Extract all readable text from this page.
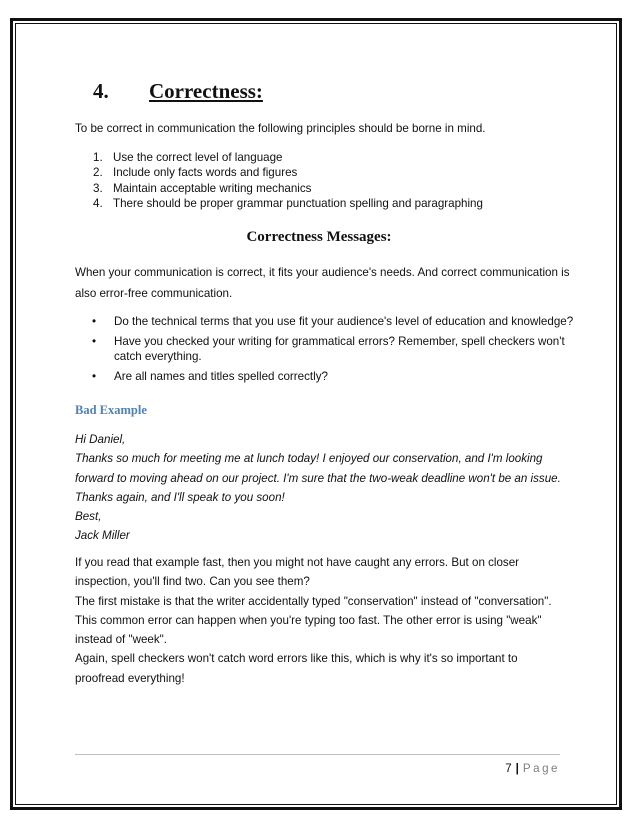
4. Correctness:

To be correct in communication the following principles should be borne in mind.

1. Use the correct level of language
2. Include only facts words and figures
3. Maintain acceptable writing mechanics
4. There should be proper grammar punctuation spelling and paragraphing
Correctness Messages:

When your communication is correct, it fits your audience's needs. And correct communication is also error-free communication.

• Do the technical terms that you use fit your audience's level of education and knowledge?
• Have you checked your writing for grammatical errors? Remember, spell checkers won't catch everything.
• Are all names and titles spelled correctly?

Bad Example

Hi Daniel,

Thanks so much for meeting me at lunch today! I enjoyed our conservation, and I'm looking

forward to moving ahead on our project. I'm sure that the two-weak deadline won't be an issue.

Thanks again, and I'll speak to you soon!

Best,

Jack Miller

If you read that example fast, then you might not have caught any errors. But on closer

inspection, you'll find two. Can you see them?

The first mistake is that the writer accidentally typed "conservation" instead of "conversation".

This common error can happen when you're typing too fast. The other error is using "weak"

instead of "week".

Again, spell checkers won't catch word errors like this, which is why it's so important to

proofread everything!

7 | Page
